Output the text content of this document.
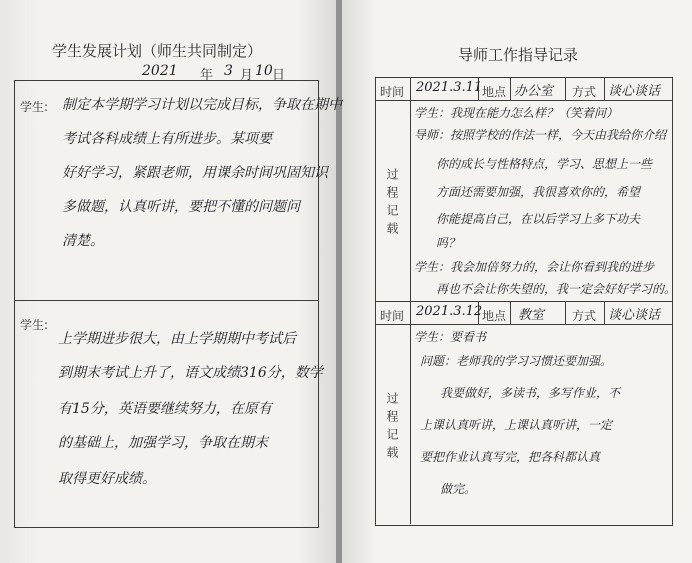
学生发展计划（师生共同制定）
2021 年 3 月 10 日
学生: 制定本学期学习计划以完成目标，争取在期中
考试各科成绩上有所进步。某项要
好好学习，紧跟老师，用课余时间巩固知识
多做题，认真听讲，要把不懂的问题问
清楚。
学生:
上学期进步很大，由上学期期中考试后
到期末考试上升了，语文成绩316分，数学
有15分，英语要继续努力，在原有
的基础上，加强学习，争取在期末
取得更好成绩。
导师工作指导记录
时间 2021.3.11 地点 办公室 方式 谈心谈话
过程记载
学生：我现在能力怎么样？（笑着问）
导师：按照学校的作法一样，今天由我给你介绍
你的成长与性格特点，学习、思想上一些
方面还需要加强，我很喜欢你的，希望
你能提高自己，在以后学习上多下功夫
吗？
学生：我会加倍努力的，会让你看到我的进步
再也不会让你失望的，我一定会好好学习的。
时间 2021.3.12 地点 教室 方式 谈心谈话
过程记载
学生：要看书
问题：老师我的学习习惯还要加强。
我要做好，多读书，多写作业，不
上课认真听讲，上课认真听讲，一定
要把作业认真写完，把各科都认真
做完。
